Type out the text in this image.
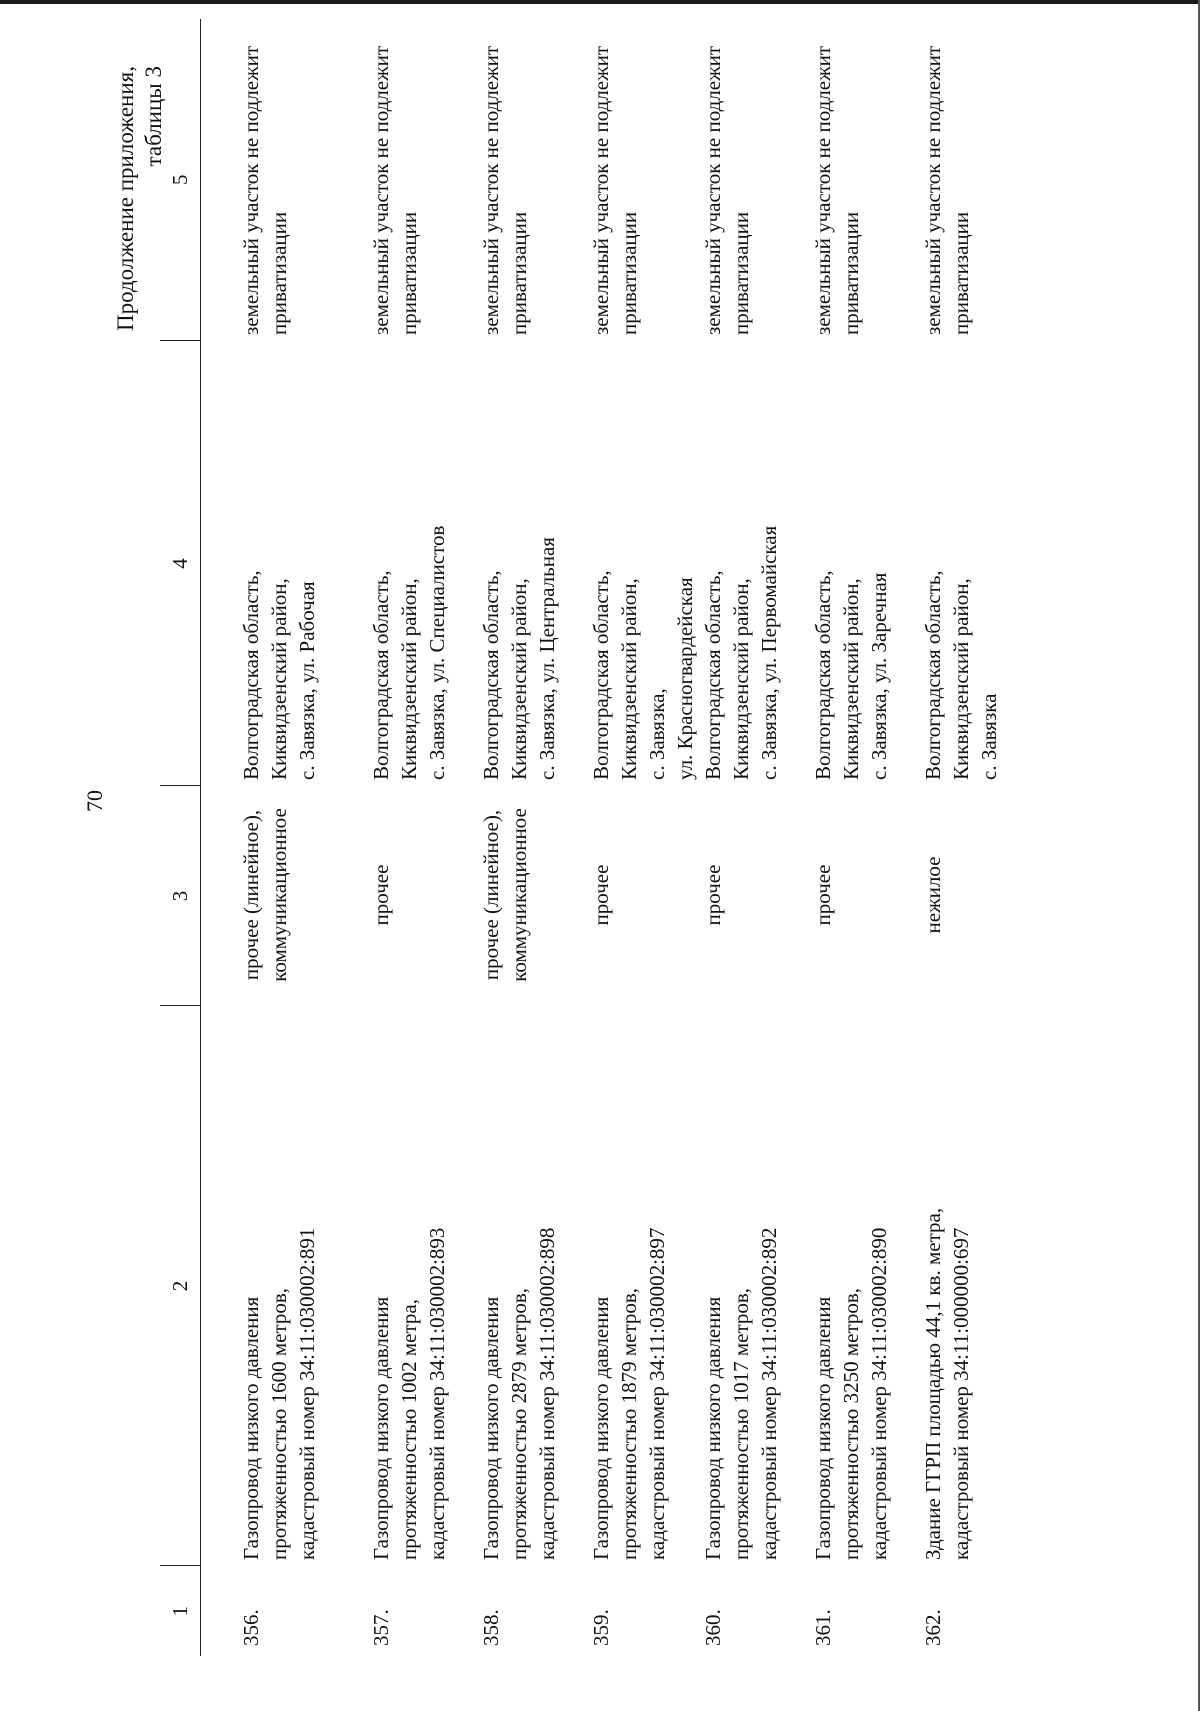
70
Продолжение приложения, таблицы 3
1	2	3	4	5

356.	Газопровод низкого давления протяженностью 1600 метров, кадастровый номер 34:11:030002:891	прочее (линейное), коммуникационное	Волгоградская область, Киквидзенский район, с. Завязка, ул. Рабочая	земельный участок не подлежит приватизации

357.	Газопровод низкого давления протяженностью 1002 метра, кадастровый номер 34:11:030002:893	прочее	Волгоградская область, Киквидзенский район, с. Завязка, ул. Специалистов	земельный участок не подлежит приватизации

358.	Газопровод низкого давления протяженностью 2879 метров, кадастровый номер 34:11:030002:898	прочее (линейное), коммуникационное	Волгоградская область, Киквидзенский район, с. Завязка, ул. Центральная	земельный участок не подлежит приватизации

359.	Газопровод низкого давления протяженностью 1879 метров, кадастровый номер 34:11:030002:897	прочее	Волгоградская область, Киквидзенский район, с. Завязка, ул. Красногвардейская	земельный участок не подлежит приватизации

360.	Газопровод низкого давления протяженностью 1017 метров, кадастровый номер 34:11:030002:892	прочее	Волгоградская область, Киквидзенский район, с. Завязка, ул. Первомайская	земельный участок не подлежит приватизации

361.	Газопровод низкого давления протяженностью 3250 метров, кадастровый номер 34:11:030002:890	прочее	Волгоградская область, Киквидзенский район, с. Завязка, ул. Заречная	земельный участок не подлежит приватизации

362.	Здание ГГРП площадью 44,1 кв. метра, кадастровый номер 34:11:000000:697	нежилое	Волгоградская область, Киквидзенский район, с. Завязка	земельный участок не подлежит приватизации
